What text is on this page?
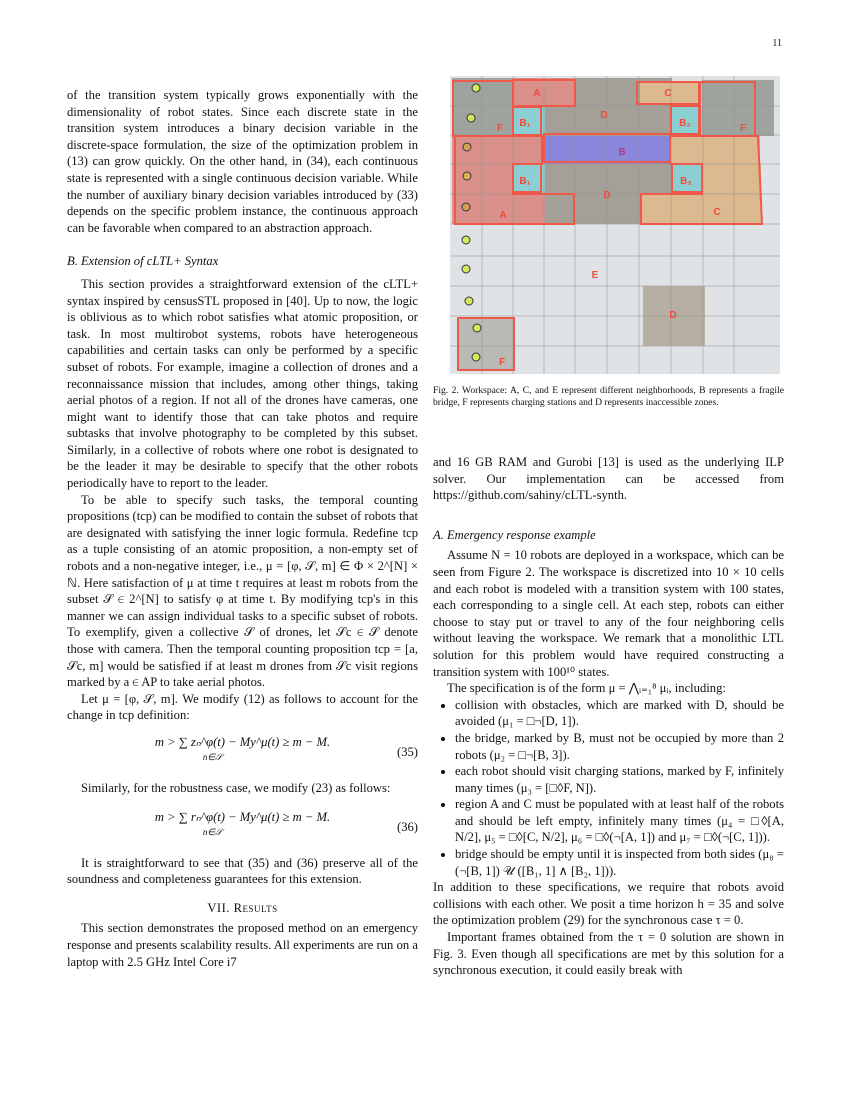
11

of the transition system typically grows exponentially with the dimensionality of robot states. Since each discrete state in the transition system introduces a binary decision variable in the discrete-space formulation, the size of the optimization problem in (13) can grow quickly. On the other hand, in (34), each continuous state is represented with a single continuous decision variable. While the number of auxiliary binary decision variables introduced by (33) depends on the specific problem instance, the continuous approach can be favorable when compared to an abstraction approach.

B. Extension of cLTL+ Syntax

This section provides a straightforward extension of the cLTL+ syntax inspired by censusSTL proposed in [40]. Up to now, the logic is oblivious as to which robot satisfies what atomic proposition, or task. In most multirobot systems, robots have heterogeneous capabilities and certain tasks can only be performed by a specific subset of robots. For example, imagine a collection of drones and a reconnaissance mission that includes, among other things, taking aerial photos of a region. If not all of the drones have cameras, one might want to identify those that can take photos and require subtasks that involve photography to be completed by this subset. Similarly, in a collective of robots where one robot is designated to be the leader it may be desirable to specify that the other robots periodically have to report to the leader.

To be able to specify such tasks, the temporal counting propositions (tcp) can be modified to contain the subset of robots that are designated with satisfying the inner logic formula. Redefine tcp as a tuple consisting of an atomic proposition, a non-empty set of robots and a non-negative integer, i.e., μ = [φ, 𝒮, m] ∈ Φ × 2^[N] × ℕ. Here satisfaction of μ at time t requires at least m robots from the subset 𝒮 ∈ 2^[N] to satisfy φ at time t. By modifying tcp's in this manner we can assign individual tasks to a specific subset of robots. To exemplify, given a collective 𝒮 of drones, let 𝒮c ∈ 𝒮 denote those with camera. Then the temporal counting proposition tcp = [a, 𝒮c, m] would be satisfied if at least m drones from 𝒮c visit regions marked by a ∈ AP to take aerial photos.

Let μ = [φ, 𝒮, m]. We modify (12) as follows to account for the change in tcp definition:

m > ∑ zₙ^φ(t) − My^μ(t) ≥ m − M.
n∈𝒮	(35)

Similarly, for the robustness case, we modify (23) as follows:

m > ∑ rₙ^φ(t) − My^μ(t) ≥ m − M.
n∈𝒮	(36)

It is straightforward to see that (35) and (36) preserve all of the soundness and completeness guarantees for this extension.

VII. Results

This section demonstrates the proposed method on an emergency response and presents scalability results. All experiments are run on a laptop with 2.5 GHz Intel Core i7

A
D
C
F B₁
D
B₂	F
B
B₁	B₂
A	C
E
D
F
Fig. 2. Workspace: A, C, and E represent different neighborhoods, B represents a fragile bridge, F represents charging stations and D represents inaccessible zones.

and 16 GB RAM and Gurobi [13] is used as the underlying ILP solver. Our implementation can be accessed from https://github.com/sahiny/cLTL-synth.

A. Emergency response example

Assume N = 10 robots are deployed in a workspace, which can be seen from Figure 2. The workspace is discretized into 10 × 10 cells and each robot is modeled with a transition system with 100 states, each corresponding to a single cell. At each step, robots can either choose to stay put or travel to any of the four neighboring cells without leaving the workspace. We remark that a monolithic LTL solution for this problem would have required constructing a transition system with 100¹⁰ states.

The specification is of the form μ = ⋀ᵢ₌₁⁸ μᵢ, including:

• collision with obstacles, which are marked with D, should be avoided (μ₁ = □¬[D, 1]).
• the bridge, marked by B, must not be occupied by more than 2 robots (μ₂ = □¬[B, 3]).
• each robot should visit charging stations, marked by F, infinitely many times (μ₃ = [□◊F, N]).
• region A and C must be populated with at least half of the robots and should be left empty, infinitely many times (μ₄ = □◊[A, N/2], μ₅ = □◊[C, N/2], μ₆ = □◊(¬[A, 1]) and μ₇ = □◊(¬[C, 1])).
• bridge should be empty until it is inspected from both sides (μ₈ = (¬[B, 1]) 𝒰 ([B₁, 1] ∧ [B₂, 1])).

In addition to these specifications, we require that robots avoid collisions with each other. We posit a time horizon h = 35 and solve the optimization problem (29) for the synchronous case τ = 0.

Important frames obtained from the τ = 0 solution are shown in Fig. 3. Even though all specifications are met by this solution for a synchronous execution, it could easily break with
